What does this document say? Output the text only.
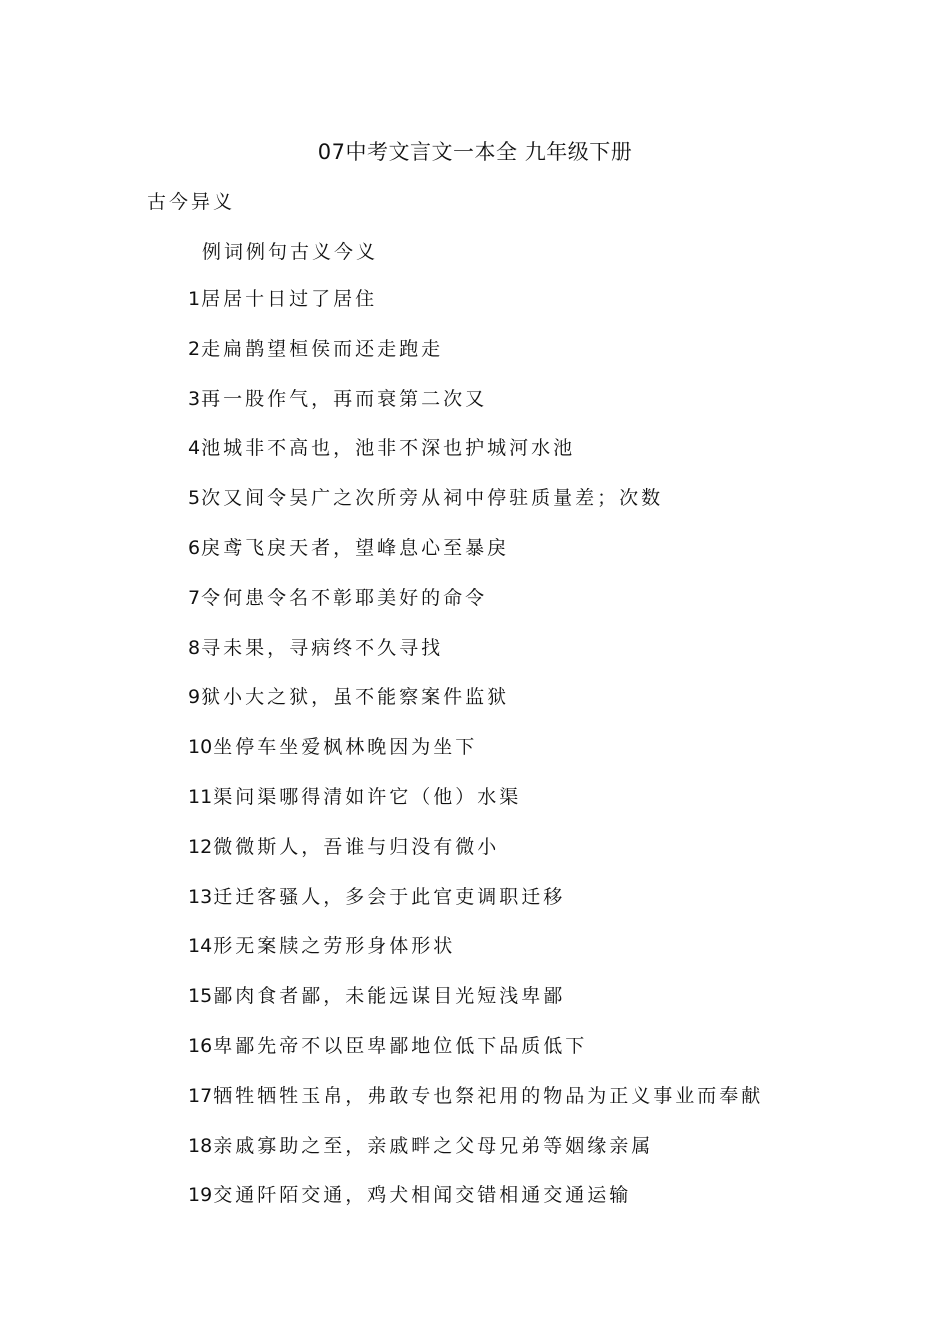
07中考文言文一本全 九年级下册
古今异义
例词例句古义今义
1居居十日过了居住
2走扁鹊望桓侯而还走跑走
3再一股作气，再而衰第二次又
4池城非不高也，池非不深也护城河水池
5次又间令吴广之次所旁从祠中停驻质量差；次数
6戾鸢飞戾天者，望峰息心至暴戾
7令何患令名不彰耶美好的命令
8寻未果，寻病终不久寻找
9狱小大之狱，虽不能察案件监狱
10坐停车坐爱枫林晚因为坐下
11渠问渠哪得清如许它（他）水渠
12微微斯人，吾谁与归没有微小
13迁迁客骚人，多会于此官吏调职迁移
14形无案牍之劳形身体形状
15鄙肉食者鄙，未能远谋目光短浅卑鄙
16卑鄙先帝不以臣卑鄙地位低下品质低下
17牺牲牺牲玉帛，弗敢专也祭祀用的物品为正义事业而奉献
18亲戚寡助之至，亲戚畔之父母兄弟等姻缘亲属
19交通阡陌交通，鸡犬相闻交错相通交通运输
